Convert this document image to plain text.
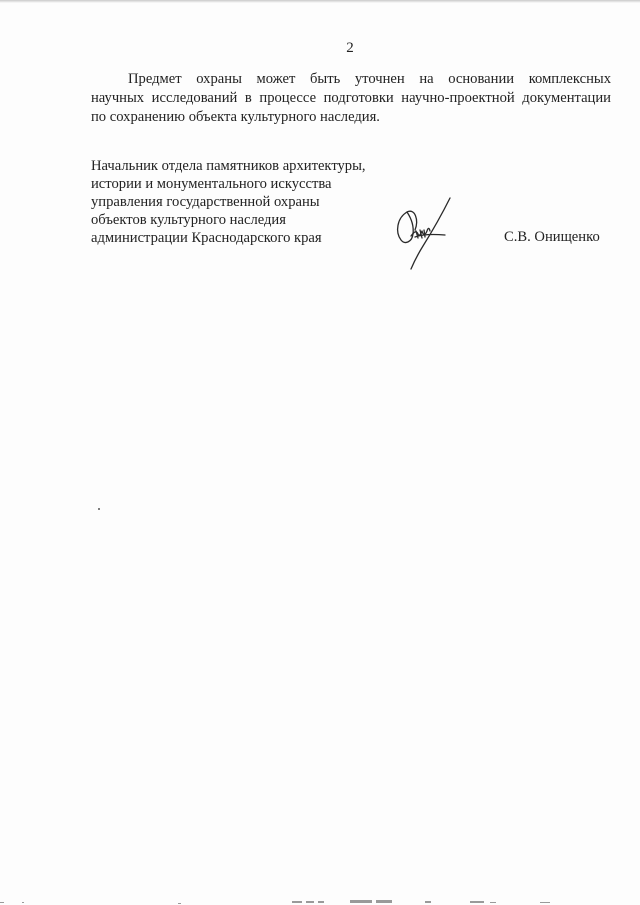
2
Предмет охраны может быть уточнен на основании комплексных
научных исследований в процессе подготовки научно-проектной документации
по сохранению объекта культурного наследия.
Начальник отдела памятников архитектуры,
истории и монументального искусства
управления государственной охраны
объектов культурного наследия
администрации Краснодарского края	С.В. Онищенко
